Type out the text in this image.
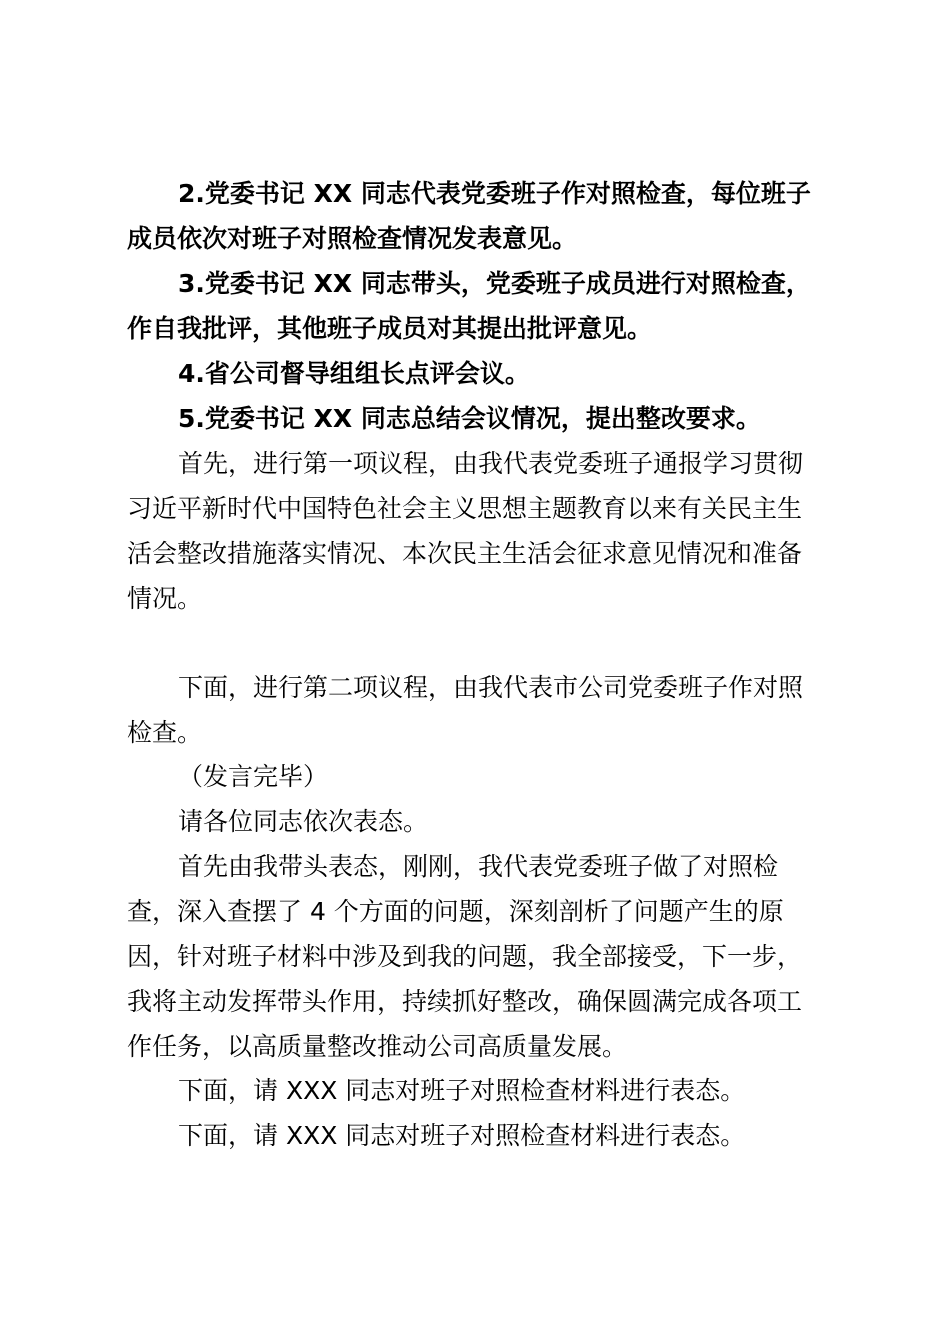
2.党委书记 XX 同志代表党委班子作对照检查，每位班子

成员依次对班子对照检查情况发表意见。

3.党委书记 XX 同志带头，党委班子成员进行对照检查，

作自我批评，其他班子成员对其提出批评意见。

4.省公司督导组组长点评会议。

5.党委书记 XX 同志总结会议情况，提出整改要求。

首先，进行第一项议程，由我代表党委班子通报学习贯彻

习近平新时代中国特色社会主义思想主题教育以来有关民主生

活会整改措施落实情况、本次民主生活会征求意见情况和准备

情况。

下面，进行第二项议程，由我代表市公司党委班子作对照

检查。

（发言完毕）

请各位同志依次表态。

首先由我带头表态，刚刚，我代表党委班子做了对照检

查，深入查摆了 4 个方面的问题，深刻剖析了问题产生的原

因，针对班子材料中涉及到我的问题，我全部接受，下一步，

我将主动发挥带头作用，持续抓好整改，确保圆满完成各项工

作任务，以高质量整改推动公司高质量发展。

下面，请 XXX 同志对班子对照检查材料进行表态。

下面，请 XXX 同志对班子对照检查材料进行表态。
